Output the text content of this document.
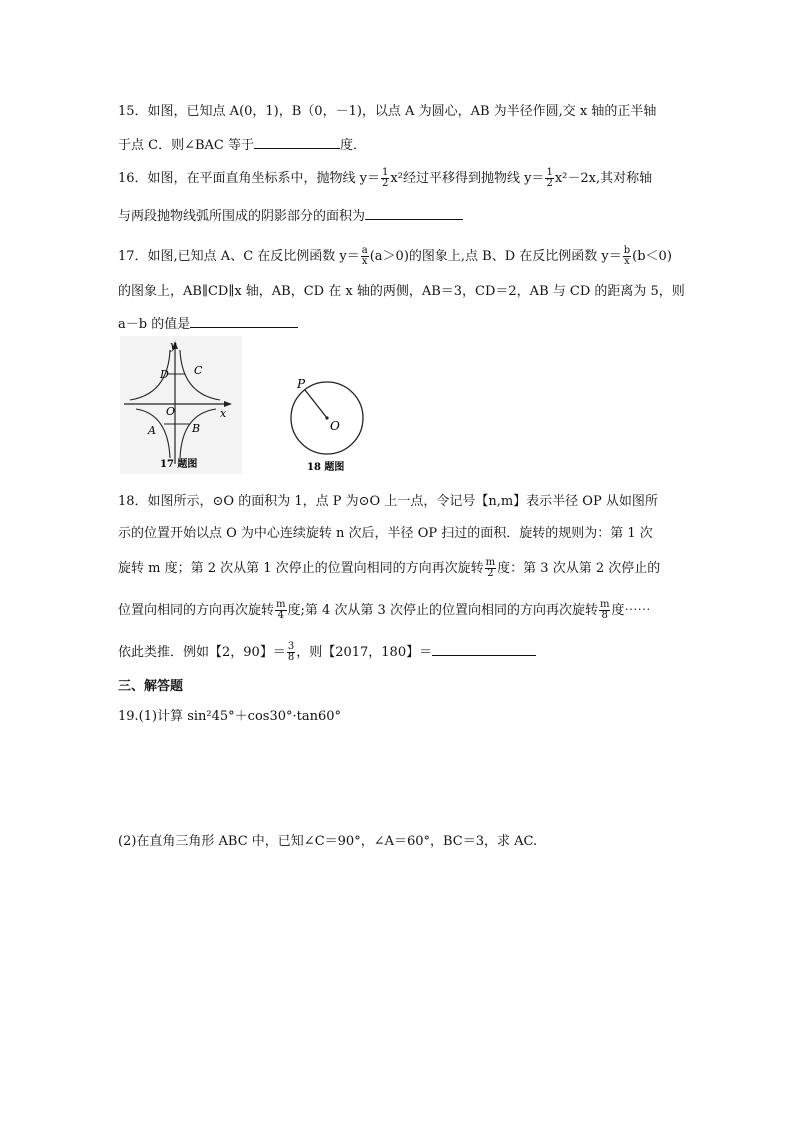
15．如图，已知点 A(0，1)，B（0，－1)，以点 A 为圆心，AB 为半径作圆,交 x 轴的正半轴
于点 C．则∠BAC 等于	度．
16．如图，在平面直角坐标系中，抛物线 $y= \frac{1}{2} x^2$经过平移得到抛物线 $y= \frac{1}{2} x^2-2x$,其对称轴
与两段抛物线弧所围成的阴影部分的面积为
17．如图,已知点 A、C 在反比例函数 $y= \frac{a}{x} (a>0)$的图象上,点 B、D 在反比例函数 $y= \frac{b}{x} (b<0)$
的图象上，AB∥CD∥x 轴，AB，CD 在 x 轴的两侧，AB＝3，CD＝2，AB 与 CD 的距离为 5，则
a－b 的值是
y
x
O
C
D
A	B
17 题图
P
O
18 题图
18．如图所示，⊙O 的面积为 1，点 P 为⊙O 上一点，令记号【n,m】表示半径 OP 从如图所
示的位置开始以点 O 为中心连续旋转 n 次后，半径 OP 扫过的面积．旋转的规则为：第 1 次
旋转 m 度；第 2 次从第 1 次停止的位置向相同的方向再次旋转 $\frac{m}{2}$ 度：第 3 次从第 2 次停止的
位置向相同的方向再次旋转 $\frac{m}{4}$ 度;第 4 次从第 3 次停止的位置向相同的方向再次旋转 $\frac{m}{8}$ 度⋯⋯
依此类推．例如【2，90】＝ $\frac{3}{8}$ ，则【2017，180】＝
三、解答题
19.(1)计算 sin²45°＋cos30°·tan60°
(2)在直角三角形 ABC 中，已知∠C＝90°，∠A＝60°，BC＝3，求 AC.
